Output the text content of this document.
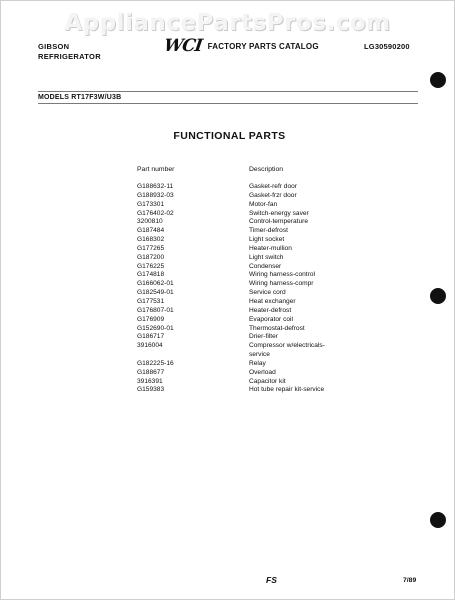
AppliancePartsPros.com
GIBSON
REFRIGERATOR
WCI FACTORY PARTS CATALOG	LG30590200
MODELS RT17F3W/U3B
FUNCTIONAL PARTS
Part number	Description
G188632-11	Gasket-refr door
G188932-03	Gasket-frzr door
G173301	Motor-fan
G176402-02	Switch-energy saver
3200810	Control-temperature
G187484	Timer-defrost
G168302	Light socket
G177265	Heater-mullion
G187200	Light switch
G176225	Condenser
G174818	Wiring harness-control
G166062-01	Wiring harness-compr
G182549-01	Service cord
G177531	Heat exchanger
G176807-01	Heater-defrost
G176909	Evaporator coil
G152690-01	Thermostat-defrost
G186717	Drier-filter
3916004	Compressor w/electricals-
service
G182225-16	Relay
G188677	Overload
3916391	Capacitor kit
G159383	Hot tube repair kit-service
FS	7/89
